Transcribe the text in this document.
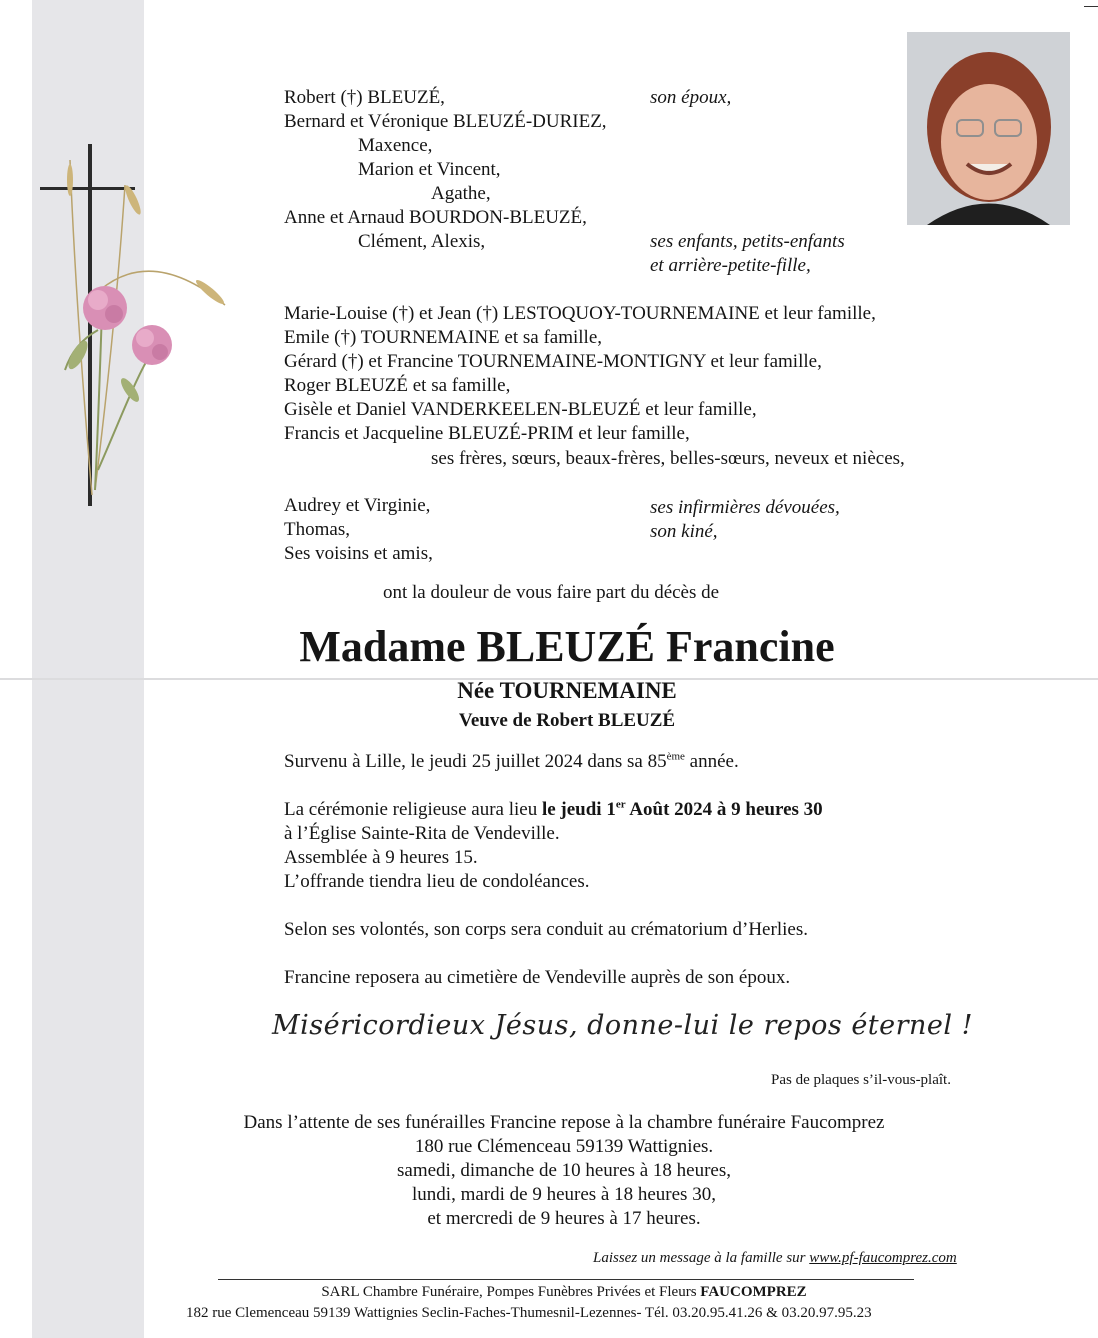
Robert (†) BLEUZÉ,
Bernard et Véronique BLEUZÉ-DURIEZ,
Maxence,
Marion et Vincent,
Agathe,
Anne et Arnaud BOURDON-BLEUZÉ,
Clément, Alexis,
son époux,
ses enfants, petits-enfants
et arrière-petite-fille,
Marie-Louise (†) et Jean (†) LESTOQUOY-TOURNEMAINE et leur famille,
Emile (†) TOURNEMAINE et sa famille,
Gérard (†) et Francine TOURNEMAINE-MONTIGNY et leur famille,
Roger BLEUZÉ et sa famille,
Gisèle et Daniel VANDERKEELEN-BLEUZÉ et leur famille,
Francis et Jacqueline BLEUZÉ-PRIM et leur famille,
ses frères, sœurs, beaux-frères, belles-sœurs, neveux et nièces,
Audrey et Virginie,
Thomas,
Ses voisins et amis,
ses infirmières dévouées,
son kiné,
ont la douleur de vous faire part du décès de
Madame BLEUZÉ Francine
Née TOURNEMAINE
Veuve de Robert BLEUZÉ
Survenu à Lille, le jeudi 25 juillet 2024 dans sa 85ème année.
La cérémonie religieuse aura lieu le jeudi 1er Août 2024 à 9 heures 30
à l’Église Sainte-Rita de Vendeville.
Assemblée à 9 heures 15.
L’offrande tiendra lieu de condoléances.
Selon ses volontés, son corps sera conduit au crématorium d’Herlies.
Francine reposera au cimetière de Vendeville auprès de son époux.
Miséricordieux Jésus, donne-lui le repos éternel !
Pas de plaques s’il-vous-plaît.
Dans l’attente de ses funérailles Francine repose à la chambre funéraire Faucomprez
180 rue Clémenceau 59139 Wattignies.
samedi, dimanche de 10 heures à 18 heures,
lundi, mardi de 9 heures à 18 heures 30,
et mercredi de 9 heures à 17 heures.
Laissez un message à la famille sur www.pf-faucomprez.com
SARL Chambre Funéraire, Pompes Funèbres Privées et Fleurs FAUCOMPREZ
182 rue Clemenceau 59139 Wattignies Seclin-Faches-Thumesnil-Lezennes- Tél. 03.20.95.41.26 & 03.20.97.95.23
